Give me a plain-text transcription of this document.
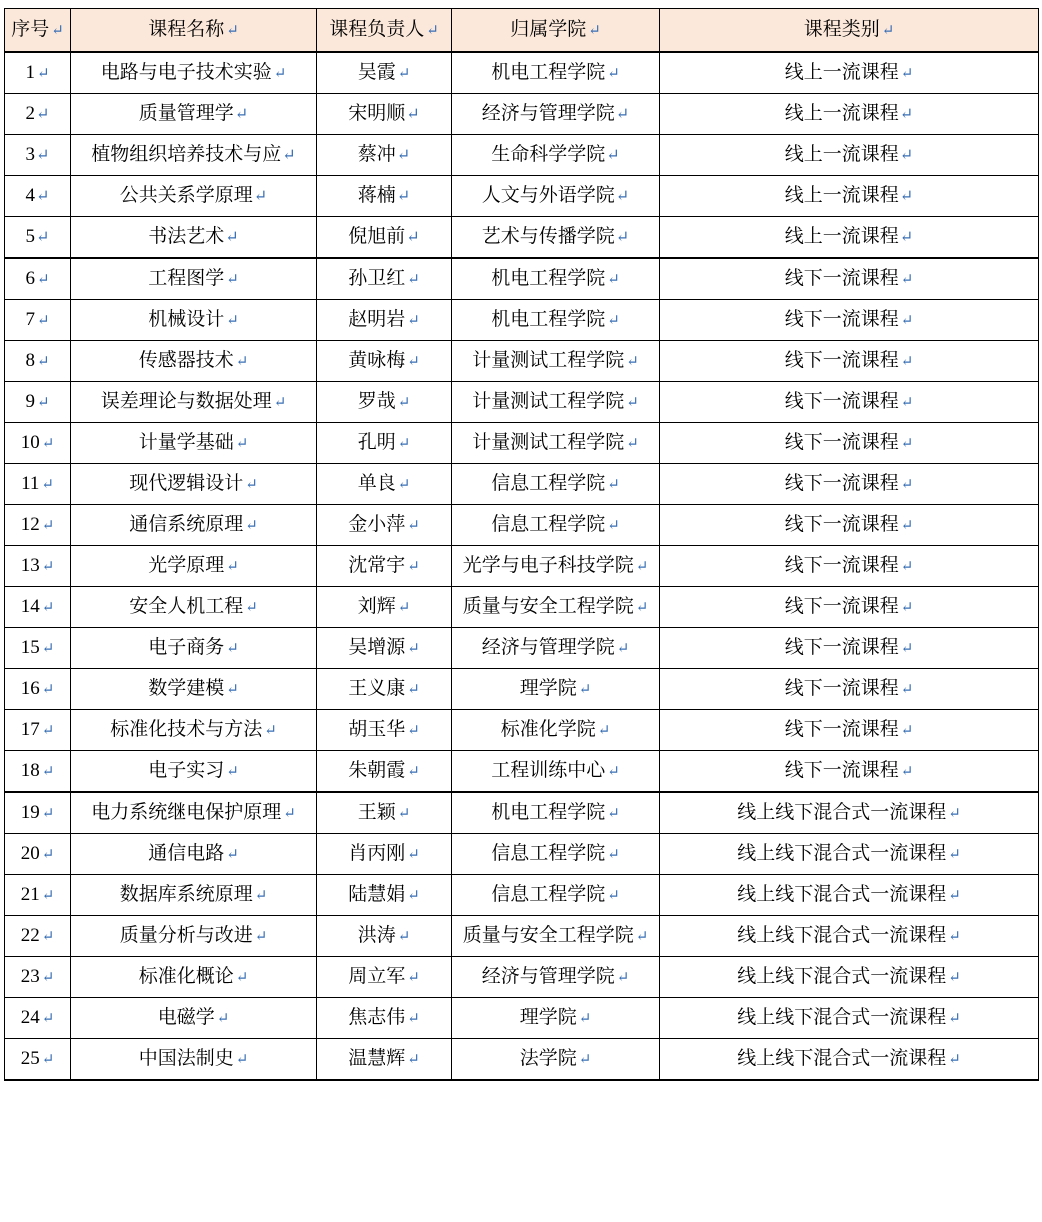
序号 ↵	课程名称 ↵	课程负责人 ↵	归属学院 ↵	课程类别 ↵
1 ↵	电路与电子技术实验 ↵	吴霞 ↵	机电工程学院 ↵	线上一流课程 ↵
2↵	质量管理学↵	宋明顺↵	经济与管理学院↵	线上一流课程↵
3↵	植物组织培养技术与应↵	蔡冲↵	生命科学学院↵	线上一流课程↵
4↵	公共关系学原理↵	蒋楠↵	人文与外语学院↵	线上一流课程↵
5↵	书法艺术↵	倪旭前↵	艺术与传播学院↵	线上一流课程↵
6 ↵	工程图学 ↵	孙卫红 ↵	机电工程学院 ↵	线下一流课程 ↵
7 ↵	机械设计 ↵	赵明岩 ↵	机电工程学院 ↵	线下一流课程 ↵
8 ↵	传感器技术 ↵	黄咏梅 ↵	计量测试工程学院 ↵	线下一流课程 ↵
9 ↵	误差理论与数据处理 ↵	罗哉 ↵	计量测试工程学院 ↵	线下一流课程 ↵
10 ↵	计量学基础 ↵	孔明 ↵	计量测试工程学院 ↵	线下一流课程 ↵
11 ↵	现代逻辑设计 ↵	单良 ↵	信息工程学院 ↵	线下一流课程 ↵
12 ↵	通信系统原理 ↵	金小萍 ↵	信息工程学院 ↵	线下一流课程 ↵
13 ↵	光学原理 ↵	沈常宇 ↵	光学与电子科技学院 ↵	线下一流课程 ↵
14 ↵	安全人机工程 ↵	刘辉 ↵	质量与安全工程学院 ↵	线下一流课程 ↵
15 ↵	电子商务 ↵	吴增源 ↵	经济与管理学院 ↵	线下一流课程 ↵
16 ↵	数学建模 ↵	王义康 ↵	理学院 ↵	线下一流课程 ↵
17 ↵	标准化技术与方法 ↵	胡玉华 ↵	标准化学院 ↵	线下一流课程 ↵
18 ↵	电子实习 ↵	朱朝霞 ↵	工程训练中心 ↵	线下一流课程 ↵
19 ↵	电力系统继电保护原理 ↵	王颖 ↵	机电工程学院 ↵	线上线下混合式一流课程 ↵
20 ↵	通信电路 ↵	肖丙刚 ↵	信息工程学院 ↵	线上线下混合式一流课程 ↵
21 ↵	数据库系统原理 ↵	陆慧娟 ↵	信息工程学院 ↵	线上线下混合式一流课程 ↵
22 ↵	质量分析与改进 ↵	洪涛 ↵	质量与安全工程学院 ↵	线上线下混合式一流课程 ↵
23 ↵	标准化概论 ↵	周立军 ↵	经济与管理学院 ↵	线上线下混合式一流课程 ↵
24 ↵	电磁学 ↵	焦志伟 ↵	理学院 ↵	线上线下混合式一流课程 ↵
25 ↵	中国法制史 ↵	温慧辉 ↵	法学院 ↵	线上线下混合式一流课程 ↵
